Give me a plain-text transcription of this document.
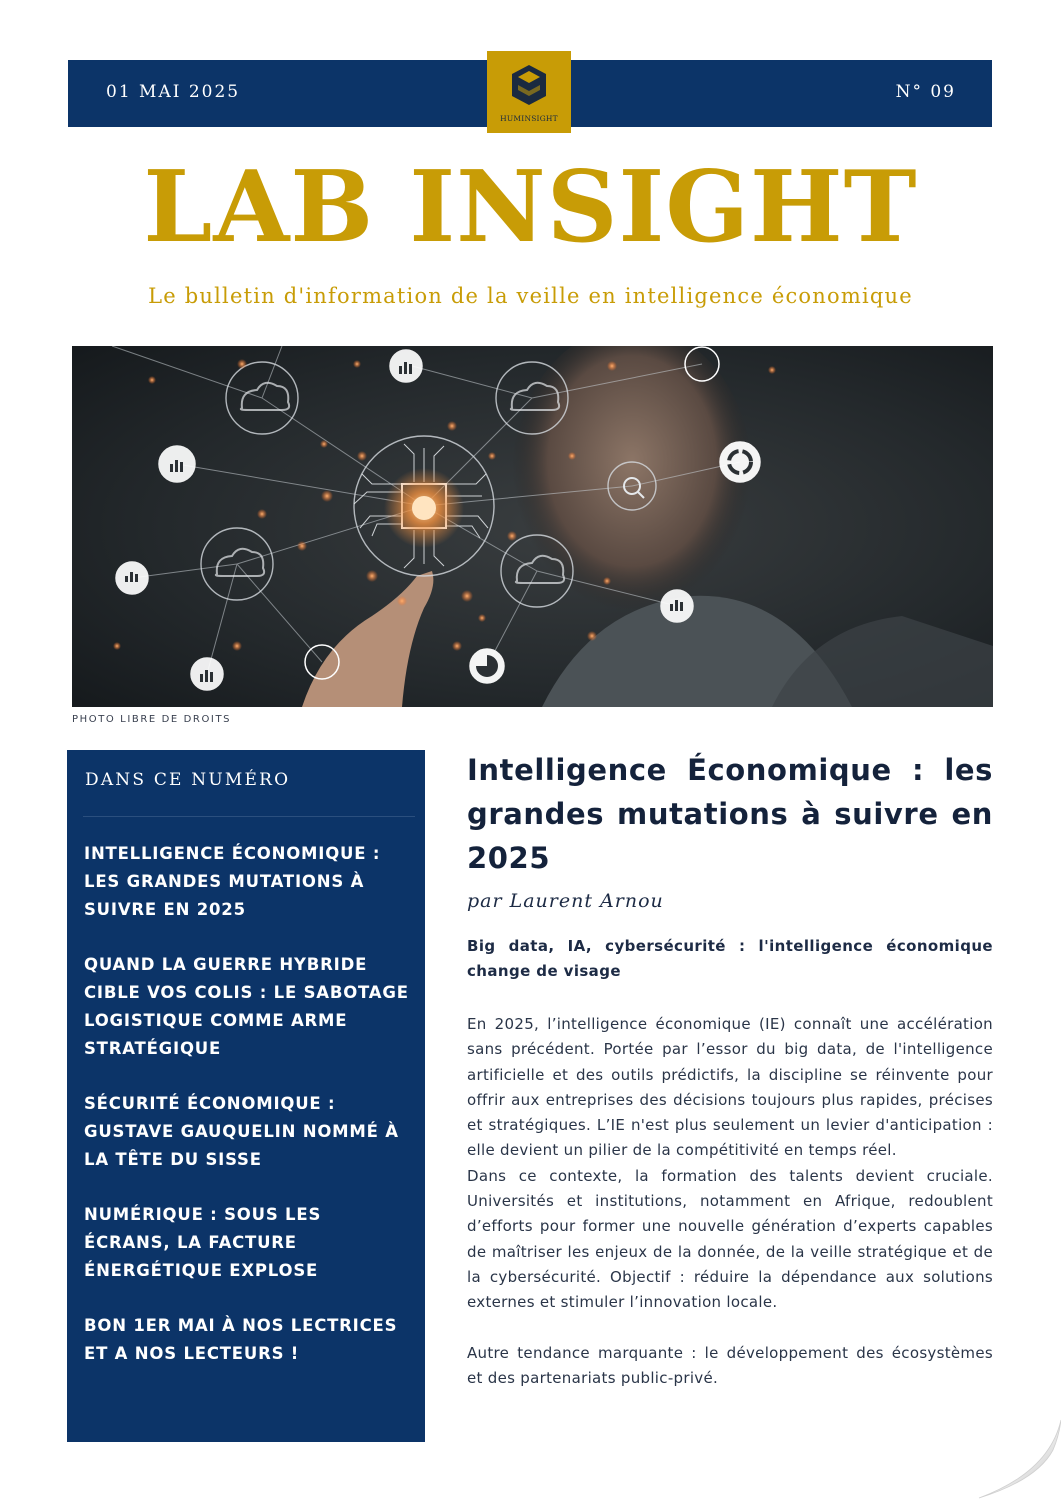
01 MAI 2025	N° 09
HUMINSIGHT
LAB INSIGHT
Le bulletin d'information de la veille en intelligence économique
PHOTO LIBRE DE DROITS
DANS CE NUMÉRO
INTELLIGENCE ÉCONOMIQUE : LES GRANDES MUTATIONS À SUIVRE EN 2025
QUAND LA GUERRE HYBRIDE CIBLE VOS COLIS : LE SABOTAGE LOGISTIQUE COMME ARME STRATÉGIQUE
SÉCURITÉ ÉCONOMIQUE : GUSTAVE GAUQUELIN NOMMÉ À LA TÊTE DU SISSE
NUMÉRIQUE : SOUS LES ÉCRANS, LA FACTURE ÉNERGÉTIQUE EXPLOSE
BON 1ER MAI À NOS LECTRICES ET A NOS LECTEURS !
Intelligence Économique : les grandes mutations à suivre en 2025
par Laurent Arnou
Big data, IA, cybersécurité : l'intelligence économique change de visage

En 2025, l’intelligence économique (IE) connaît une accélération sans précédent. Portée par l’essor du big data, de l'intelligence artificielle et des outils prédictifs, la discipline se réinvente pour offrir aux entreprises des décisions toujours plus rapides, précises et stratégiques. L’IE n'est plus seulement un levier d'anticipation : elle devient un pilier de la compétitivité en temps réel.

Dans ce contexte, la formation des talents devient cruciale. Universités et institutions, notamment en Afrique, redoublent d’efforts pour former une nouvelle génération d’experts capables de maîtriser les enjeux de la donnée, de la veille stratégique et de la cybersécurité. Objectif : réduire la dépendance aux solutions externes et stimuler l’innovation locale.

Autre tendance marquante : le développement des écosystèmes et des partenariats public-privé.
